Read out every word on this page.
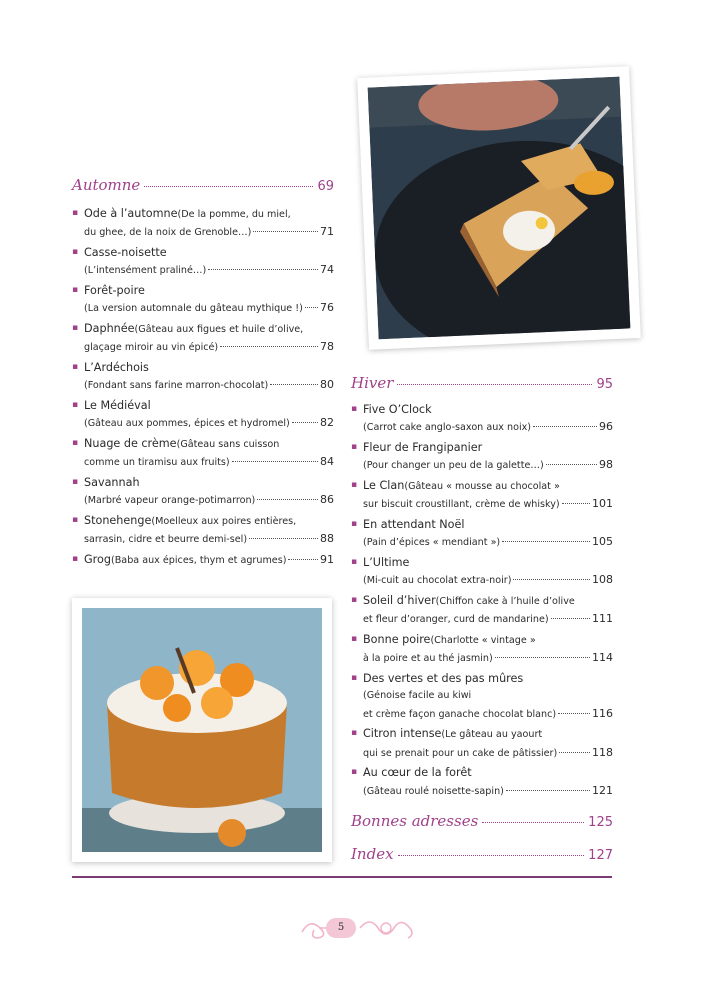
Automne	69
▪ Ode à l’automne (De la pomme, du miel,
du ghee, de la noix de Grenoble…)	71
▪ Casse-noisette
(L’intensément praliné…)	74
▪ Forêt-poire
(La version automnale du gâteau mythique !) 76
▪ Daphnée (Gâteau aux figues et huile d’olive,
glaçage miroir au vin épicé)	78
▪ L’Ardéchois
(Fondant sans farine marron-chocolat)	80
▪ Le Médiéval
(Gâteau aux pommes, épices et hydromel)	82
▪ Nuage de crème (Gâteau sans cuisson
comme un tiramisu aux fruits)	84
▪ Savannah
(Marbré vapeur orange-potimarron)	86
▪ Stonehenge (Moelleux aux poires entières,
sarrasin, cidre et beurre demi-sel)	88
▪ Grog (Baba aux épices, thym et agrumes)	91
Hiver	95
▪ Five O’Clock
(Carrot cake anglo-saxon aux noix)	96
▪ Fleur de Frangipanier
(Pour changer un peu de la galette…)	98
▪ Le Clan (Gâteau « mousse au chocolat »
sur biscuit croustillant, crème de whisky)	101
▪ En attendant Noël
(Pain d’épices « mendiant »)	105
▪ L’Ultime
(Mi-cuit au chocolat extra-noir)	108
▪ Soleil d’hiver (Chiffon cake à l’huile d’olive
et fleur d’oranger, curd de mandarine)	111
▪ Bonne poire (Charlotte « vintage »
à la poire et au thé jasmin)	114
▪ Des vertes et des pas mûres
(Génoise facile au kiwi
et crème façon ganache chocolat blanc)	116
▪ Citron intense (Le gâteau au yaourt
qui se prenait pour un cake de pâtissier)	118
▪ Au cœur de la forêt
(Gâteau roulé noisette-sapin)	121
Bonnes adresses	125
Index	127
5
